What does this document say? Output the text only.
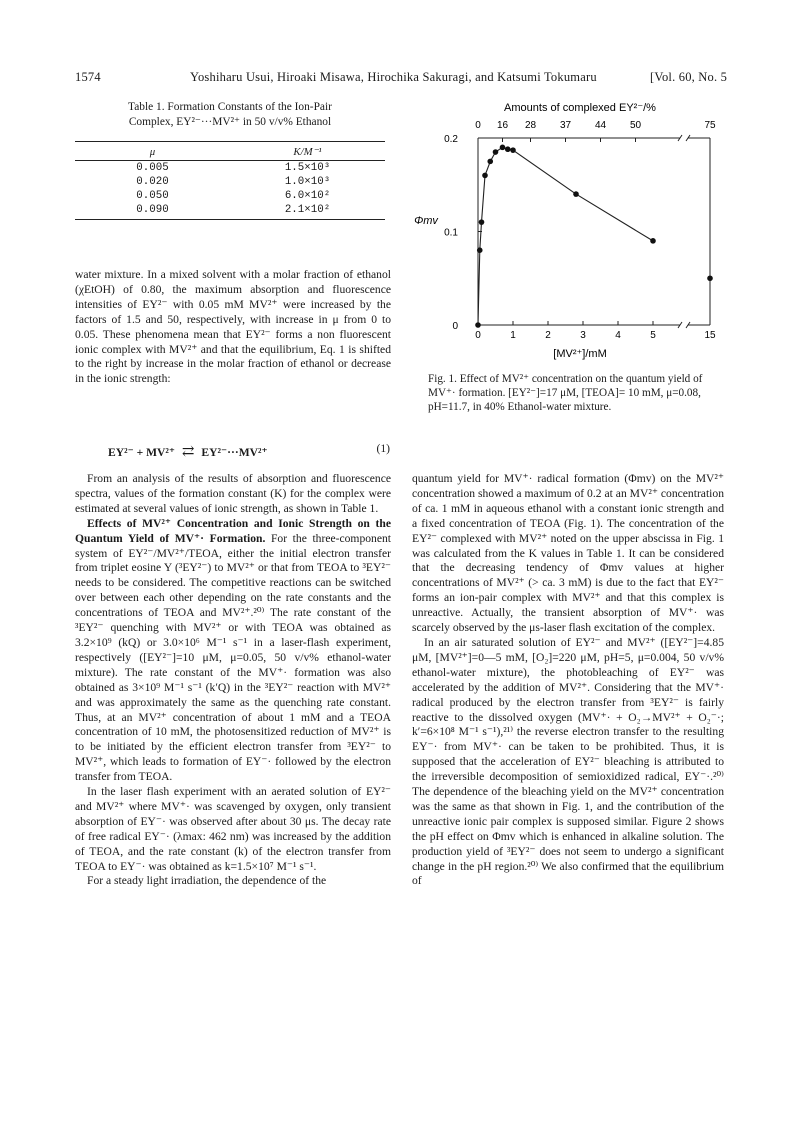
1574	Yoshiharu Usui, Hiroaki Misawa, Hirochika Sakuragi, and Katsumi Tokumaru	[Vol. 60, No. 5
Table 1. Formation Constants of the Ion-Pair
Complex, EY²⁻···MV²⁺ in 50 v/v% Ethanol
μ	K/M⁻¹
0.005	1.5×10³
0.020	1.0×10³
0.050	6.0×10²
0.090	2.1×10²

water mixture. In a mixed solvent with a molar fraction of ethanol (χEtOH) of 0.80, the maximum absorption and fluorescence intensities of EY²⁻ with 0.05 mM MV²⁺ were increased by the factors of 1.5 and 50, respectively, with increase in μ from 0 to 0.05. These phenomena mean that EY²⁻ forms a non fluorescent ionic complex with MV²⁺ and that the equilibrium, Eq. 1 is shifted to the right by increase in the molar fraction of ethanol or decrease in the ionic strength:

EY²⁻ + MV²⁺ ⇄ EY²⁻···MV²⁺	(1)

From an analysis of the results of absorption and fluorescence spectra, values of the formation constant (K) for the complex were estimated at several values of ionic strength, as shown in Table 1.

Effects of MV²⁺ Concentration and Ionic Strength on the Quantum Yield of MV⁺· Formation. For the three-component system of EY²⁻/MV²⁺/TEOA, either the initial electron transfer from triplet eosine Y (³EY²⁻) to MV²⁺ or that from TEOA to ³EY²⁻ needs to be considered. The competitive reactions can be switched over between each other depending on the rate constants and the concentrations of TEOA and MV²⁺.²⁰⁾ The rate constant of the ³EY²⁻ quenching with MV²⁺ or with TEOA was obtained as 3.2×10⁹ (kQ) or 3.0×10⁶ M⁻¹ s⁻¹ in a laser-flash experiment, respectively ([EY²⁻]=10 μM, μ=0.05, 50 v/v% ethanol-water mixture). The rate constant of the MV⁺· formation was also obtained as 3×10⁹ M⁻¹ s⁻¹ (k′Q) in the ³EY²⁻ reaction with MV²⁺ and was approximately the same as the quenching rate constant. Thus, at an MV²⁺ concentration of about 1 mM and a TEOA concentration of 10 mM, the photosensitized reduction of MV²⁺ is to be initiated by the efficient electron transfer from ³EY²⁻ to MV²⁺, which leads to formation of EY⁻· followed by the electron transfer from TEOA.

In the laser flash experiment with an aerated solution of EY²⁻ and MV²⁺ where MV⁺· was scavenged by oxygen, only transient absorption of EY⁻· was observed after about 30 μs. The decay rate of free radical EY⁻· (λmax: 462 nm) was increased by the addition of TEOA, and the rate constant (k) of the electron transfer from TEOA to EY⁻· was obtained as k=1.5×10⁷ M⁻¹ s⁻¹.

For a steady light irradiation, the dependence of the

Amounts of complexed EY²⁻/%
0 16 28 37 44 50	75
0.2
0.1
0
0	1	2	3	4	5	15
Φmv
[MV²⁺]/mM
Fig. 1. Effect of MV²⁺ concentration on the quantum yield of MV⁺· formation. [EY²⁻]=17 μM, [TEOA]= 10 mM, μ=0.08, pH=11.7, in 40% Ethanol-water mixture.

quantum yield for MV⁺· radical formation (Φmv) on the MV²⁺ concentration showed a maximum of 0.2 at an MV²⁺ concentration of ca. 1 mM in aqueous ethanol with a constant ionic strength and a fixed concentration of TEOA (Fig. 1). The concentration of the EY²⁻ complexed with MV²⁺ noted on the upper abscissa in Fig. 1 was calculated from the K values in Table 1. It can be considered that the decreasing tendency of Φmv values at higher concentrations of MV²⁺ (> ca. 3 mM) is due to the fact that EY²⁻ forms an ion-pair complex with MV²⁺ and that this complex is unreactive. Actually, the transient absorption of MV⁺· was scarcely observed by the μs-laser flash excitation of the complex.

In an air saturated solution of EY²⁻ and MV²⁺ ([EY²⁻]=4.85 μM, [MV²⁺]=0—5 mM, [O₂]=220 μM, pH=5, μ=0.004, 50 v/v% ethanol-water mixture), the photobleaching of EY²⁻ was accelerated by the addition of MV²⁺. Considering that the MV⁺· radical produced by the electron transfer from ³EY²⁻ is fairly reactive to the dissolved oxygen (MV⁺· + O₂→MV²⁺ + O₂⁻·; k′=6×10⁸ M⁻¹ s⁻¹),²¹⁾ the reverse electron transfer to the resulting EY⁻· from MV⁺· can be taken to be prohibited. Thus, it is supposed that the acceleration of EY²⁻ bleaching is attributed to the irreversible decomposition of semioxidized radical, EY⁻·.²⁰⁾ The dependence of the bleaching yield on the MV²⁺ concentration was the same as that shown in Fig. 1, and the contribution of the unreactive ionic pair complex is supposed similar. Figure 2 shows the pH effect on Φmv which is enhanced in alkaline solution. The production yield of ³EY²⁻ does not seem to undergo a significant change in the pH region.²⁰⁾ We also confirmed that the equilibrium of
